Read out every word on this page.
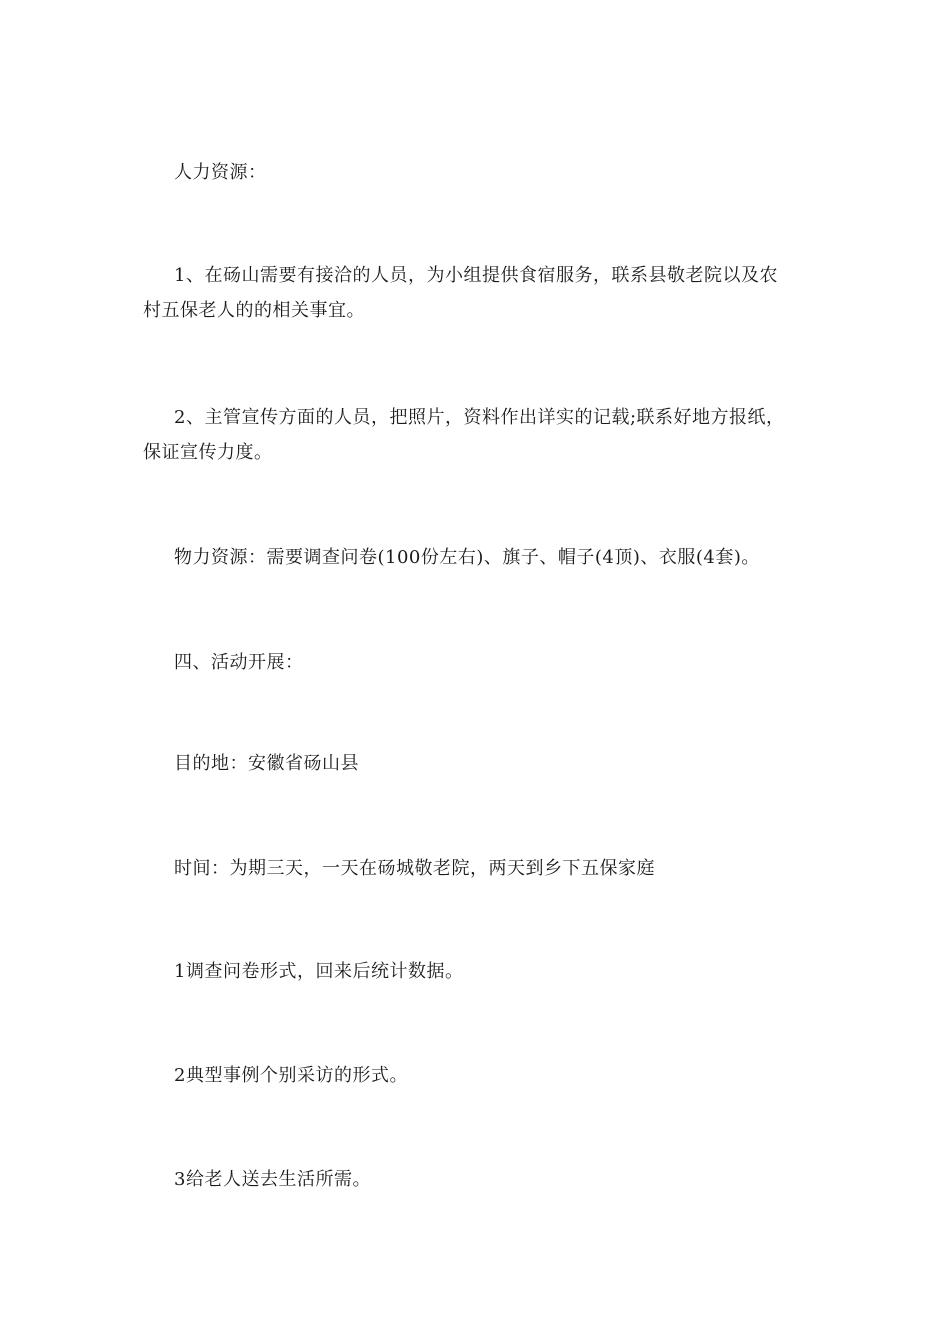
人力资源：

1、在砀山需要有接洽的人员，为小组提供食宿服务，联系县敬老院以及农
村五保老人的的相关事宜。

2、主管宣传方面的人员，把照片，资料作出详实的记载;联系好地方报纸，
保证宣传力度。

物力资源：需要调查问卷(100份左右)、旗子、帽子(4顶)、衣服(4套)。

四、活动开展：

目的地：安徽省砀山县

时间：为期三天，一天在砀城敬老院，两天到乡下五保家庭

1调查问卷形式，回来后统计数据。

2典型事例个别采访的形式。

3给老人送去生活所需。
